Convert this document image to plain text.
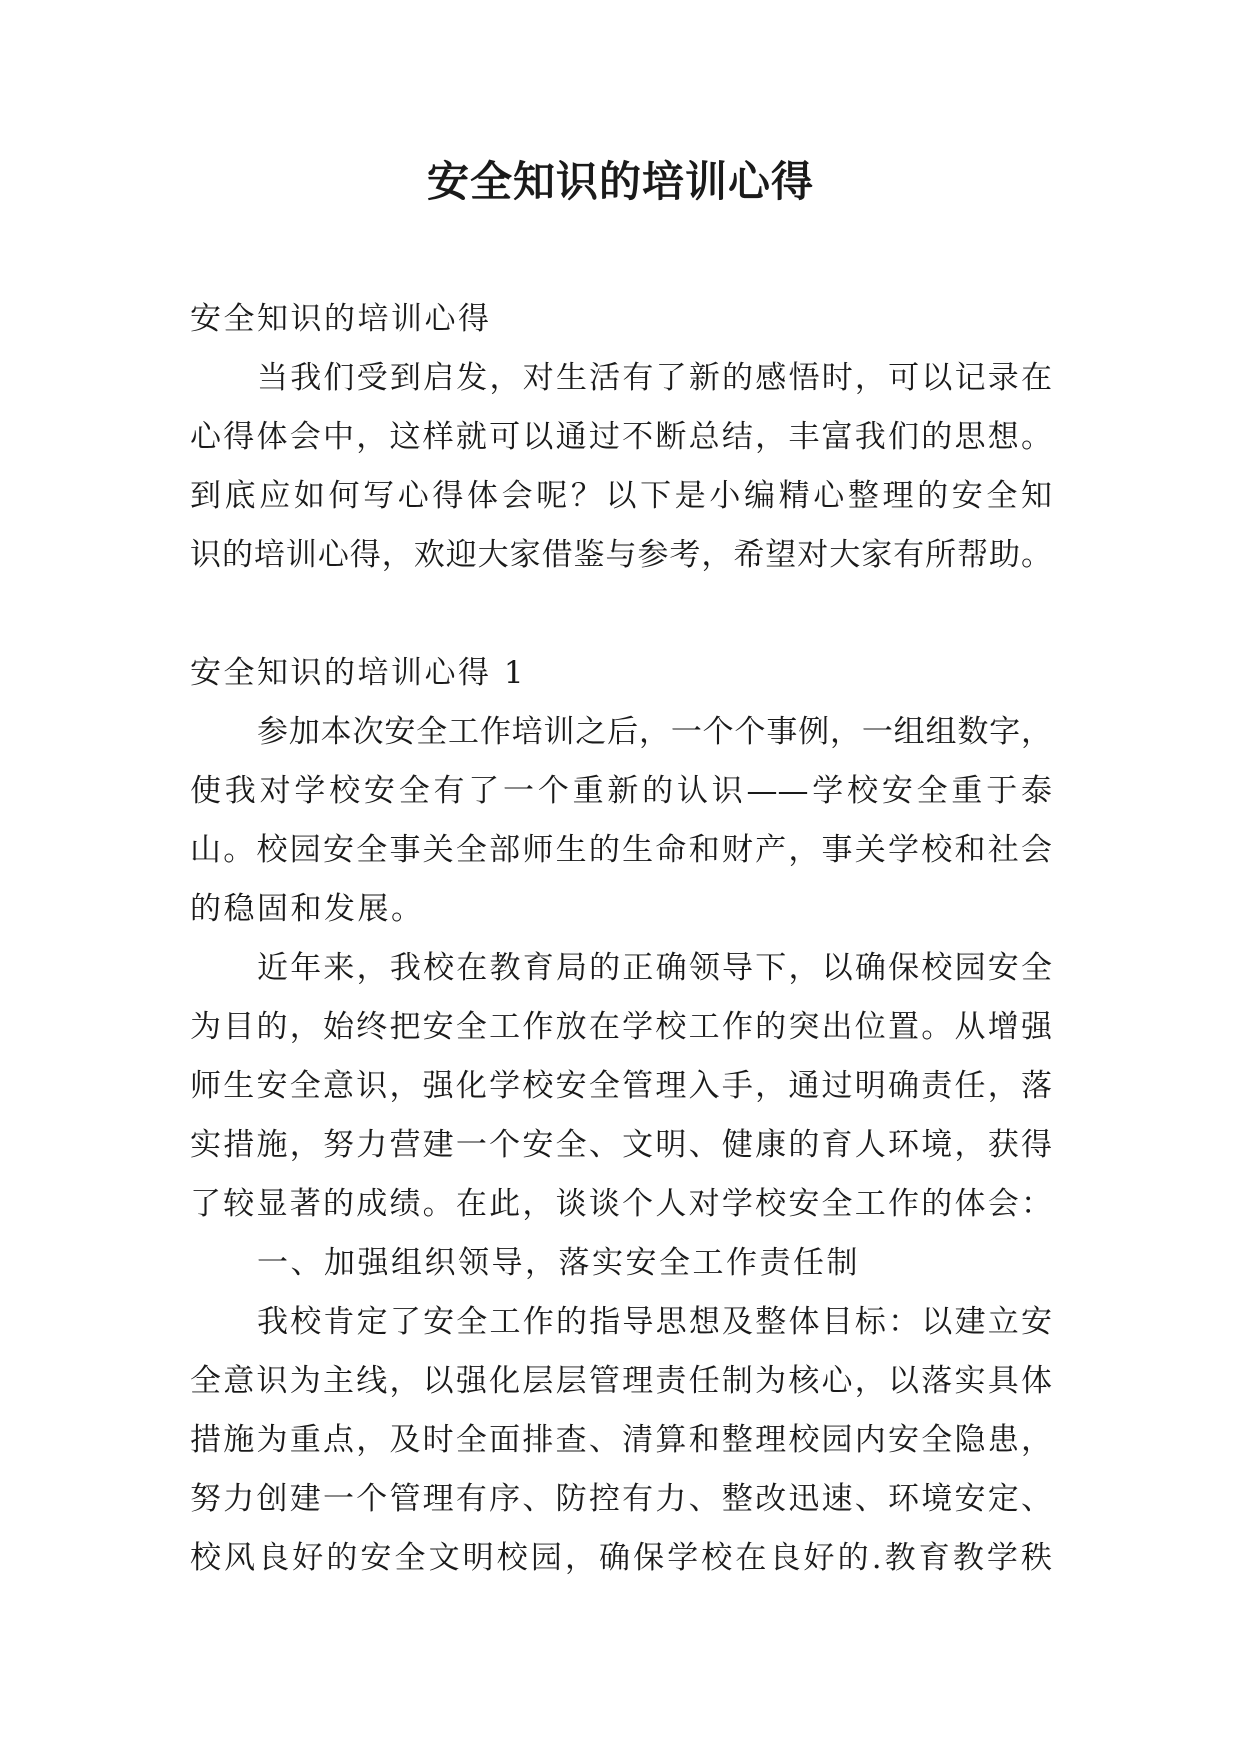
安全知识的培训心得
安全知识的培训心得
当我们受到启发，对生活有了新的感悟时，可以记录在
心得体会中，这样就可以通过不断总结，丰富我们的思想。
到底应如何写心得体会呢？以下是小编精心整理的安全知
识的培训心得，欢迎大家借鉴与参考，希望对大家有所帮助。
安全知识的培训心得 1
参加本次安全工作培训之后，一个个事例，一组组数字，
使我对学校安全有了一个重新的认识——学校安全重于泰
山。校园安全事关全部师生的生命和财产，事关学校和社会
的稳固和发展。
近年来，我校在教育局的正确领导下，以确保校园安全
为目的，始终把安全工作放在学校工作的突出位置。从增强
师生安全意识，强化学校安全管理入手，通过明确责任，落
实措施，努力营建一个安全、文明、健康的育人环境，获得
了较显著的成绩。在此，谈谈个人对学校安全工作的体会：
一、加强组织领导，落实安全工作责任制
我校肯定了安全工作的指导思想及整体目标：以建立安
全意识为主线，以强化层层管理责任制为核心，以落实具体
措施为重点，及时全面排查、清算和整理校园内安全隐患，
努力创建一个管理有序、防控有力、整改迅速、环境安定、
校风良好的安全文明校园，确保学校在良好的.教育教学秩
